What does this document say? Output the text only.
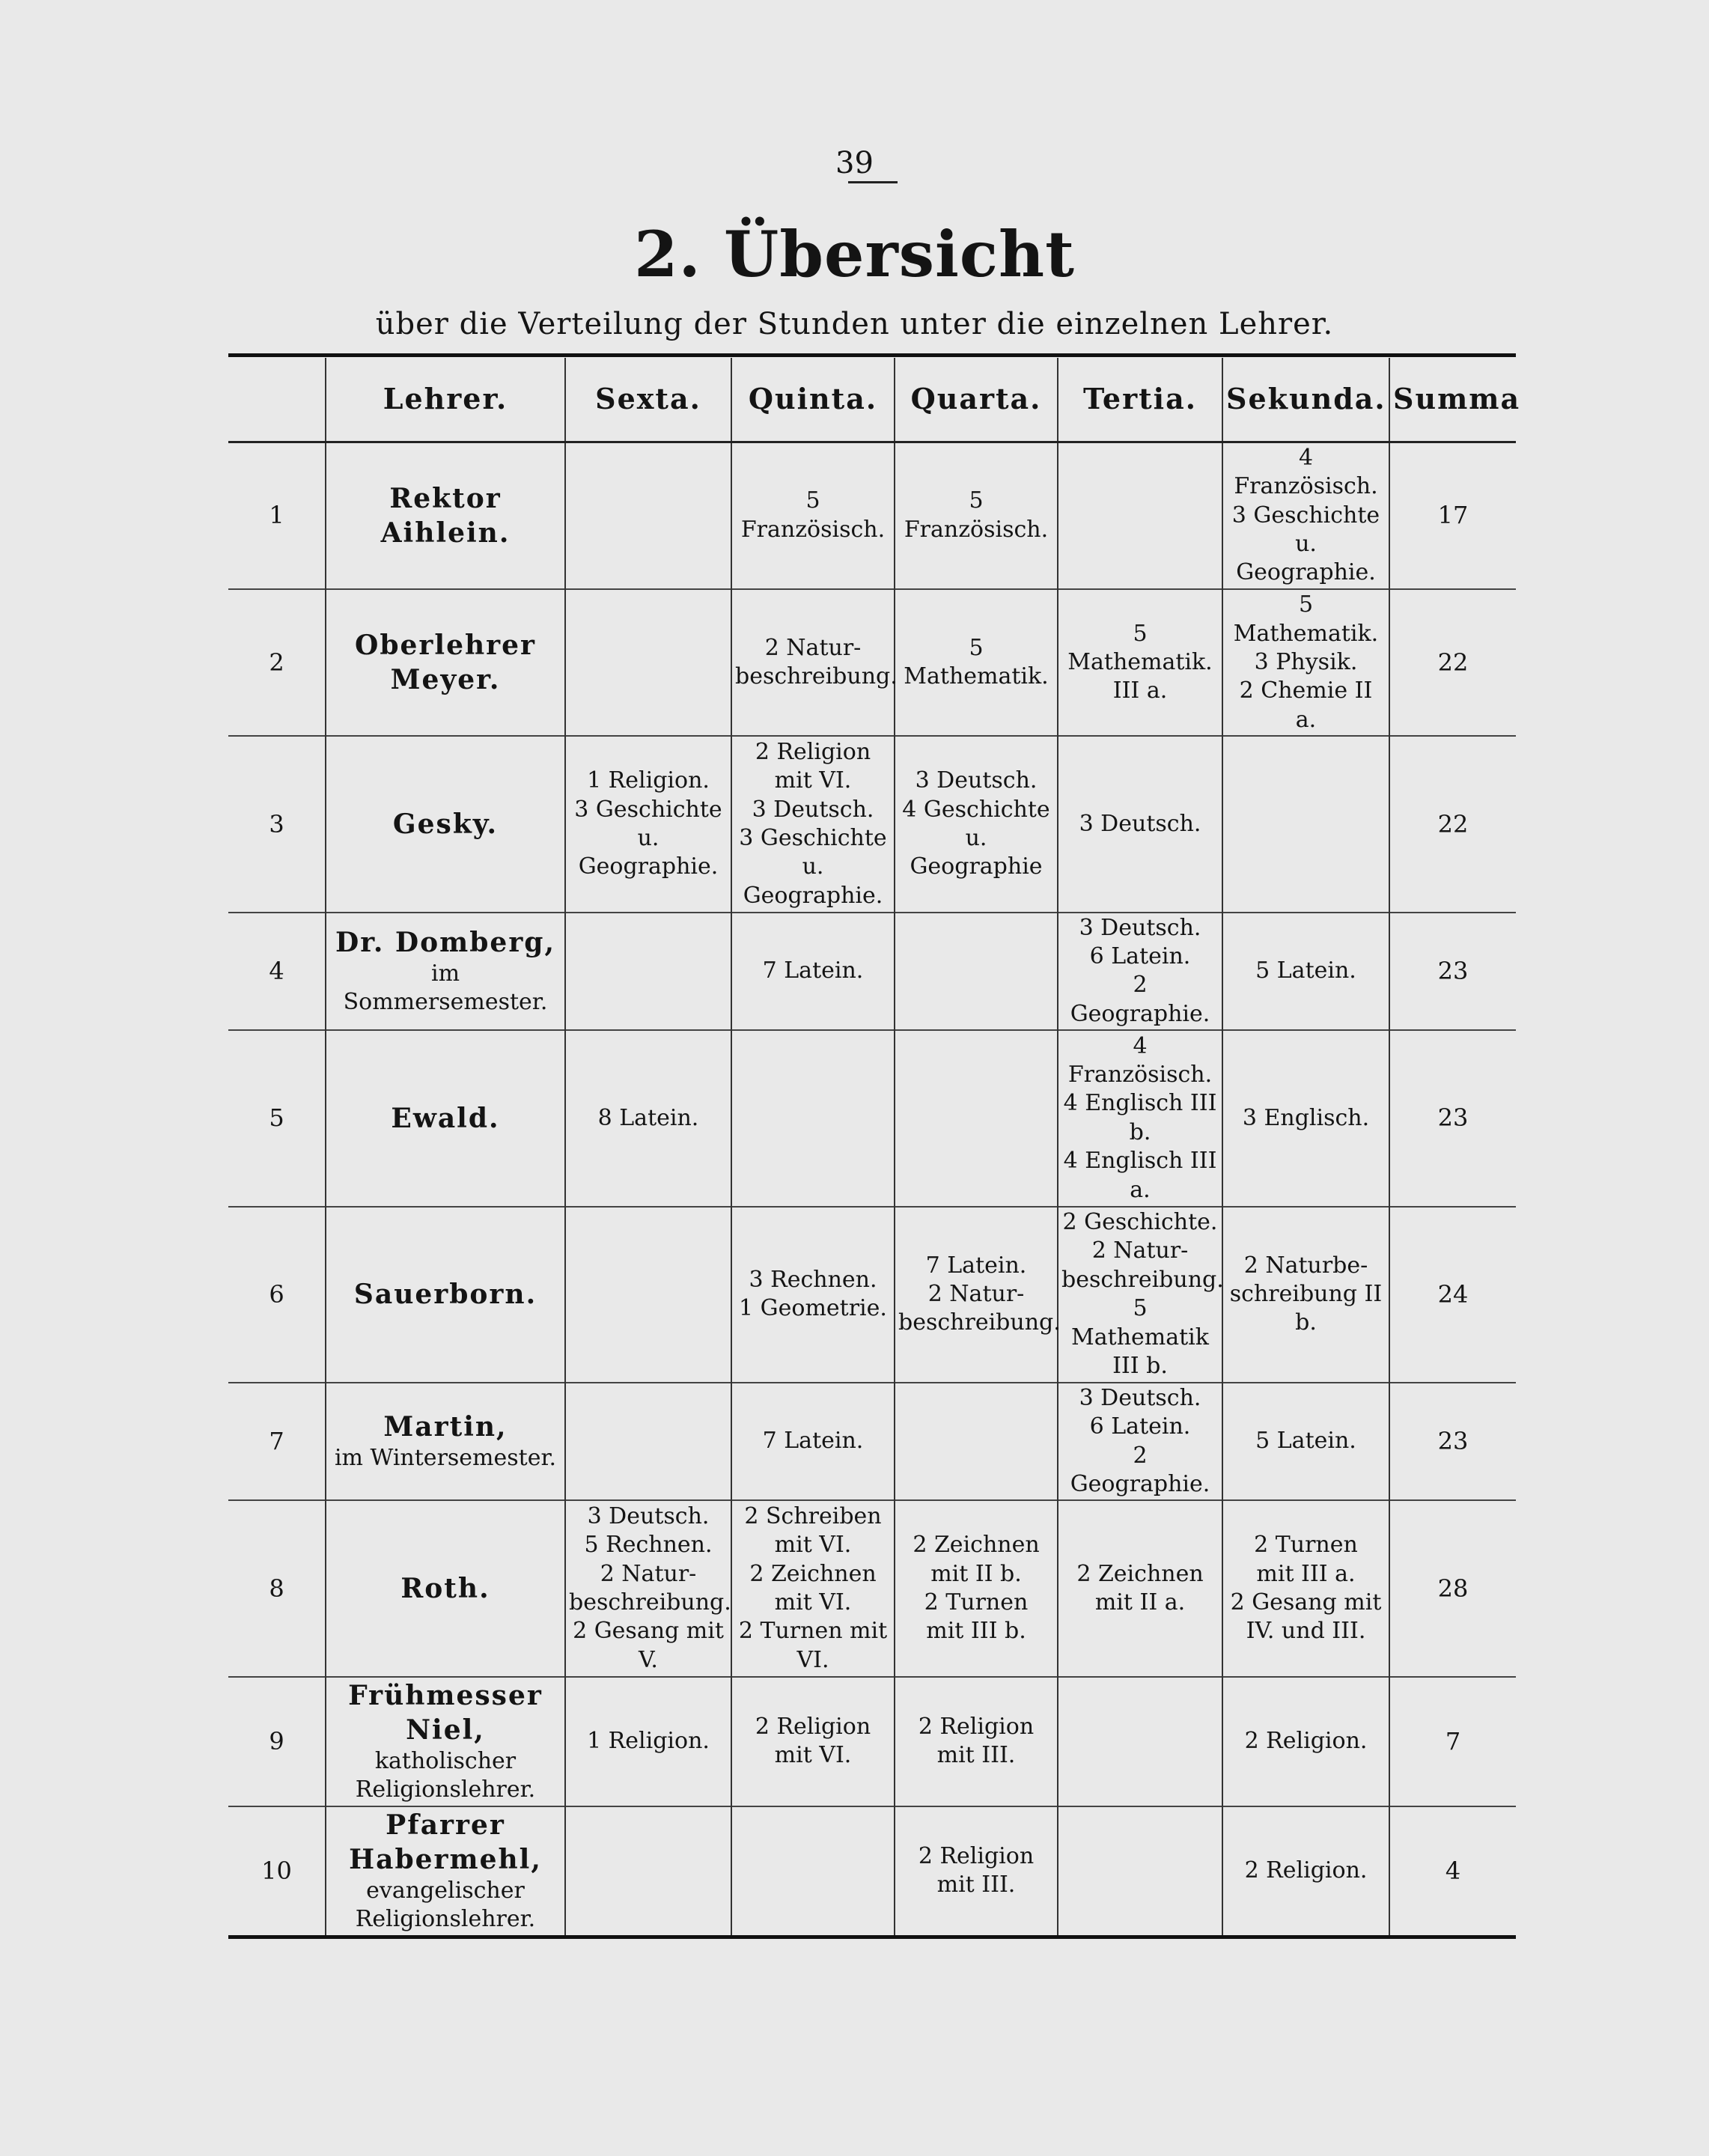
39
2. Übersicht
über die Verteilung der Stunden unter die einzelnen Lehrer.
	Lehrer.	Sexta.	Quinta.	Quarta.	Tertia.	Sekunda.	Summa
1	Rektor
Aihlein.		5 Französisch.	5 Französisch.		4 Französisch.
3 Geschichte u.
Geographie.	17
2	Oberlehrer
Meyer.		2 Natur-
beschreibung.	5 Mathematik.	5 Mathematik.
III a.	5 Mathematik.
3 Physik.
2 Chemie II a.	22
3	Gesky.	1 Religion.
3 Geschichte u.
Geographie.	2 Religion
mit VI.
3 Deutsch.
3 Geschichte u.
Geographie.	3 Deutsch.
4 Geschichte u.
Geographie	3 Deutsch.		22
4	Dr. Domberg,
im Sommersemester.		7 Latein.		3 Deutsch.
6 Latein.
2 Geographie.	5 Latein.	23
5	Ewald.	8 Latein.			4 Französisch.
4 Englisch III b.
4 Englisch III a.	3 Englisch.	23
6	Sauerborn.		3 Rechnen.
1 Geometrie.	7 Latein.
2 Natur-
beschreibung.	2 Geschichte.
2 Natur-
beschreibung.
5 Mathematik
III b.	2 Naturbe-
schreibung II b.	24
7	Martin,
im Wintersemester.		7 Latein.		3 Deutsch.
6 Latein.
2 Geographie.	5 Latein.	23
8	Roth.	3 Deutsch.
5 Rechnen.
2 Natur-
beschreibung.
2 Gesang mit V.	2 Schreiben
mit VI.
2 Zeichnen
mit VI.
2 Turnen mit VI.	2 Zeichnen
mit II b.
2 Turnen
mit III b.	2 Zeichnen
mit II a.	2 Turnen
mit III a.
2 Gesang mit
IV. und III.	28
9	Frühmesser
Niel,
katholischer
Religionslehrer.	1 Religion.	2 Religion
mit VI.	2 Religion
mit III.		2 Religion.	7
10	Pfarrer
Habermehl,
evangelischer
Religionslehrer.			2 Religion
mit III.		2 Religion.	4
